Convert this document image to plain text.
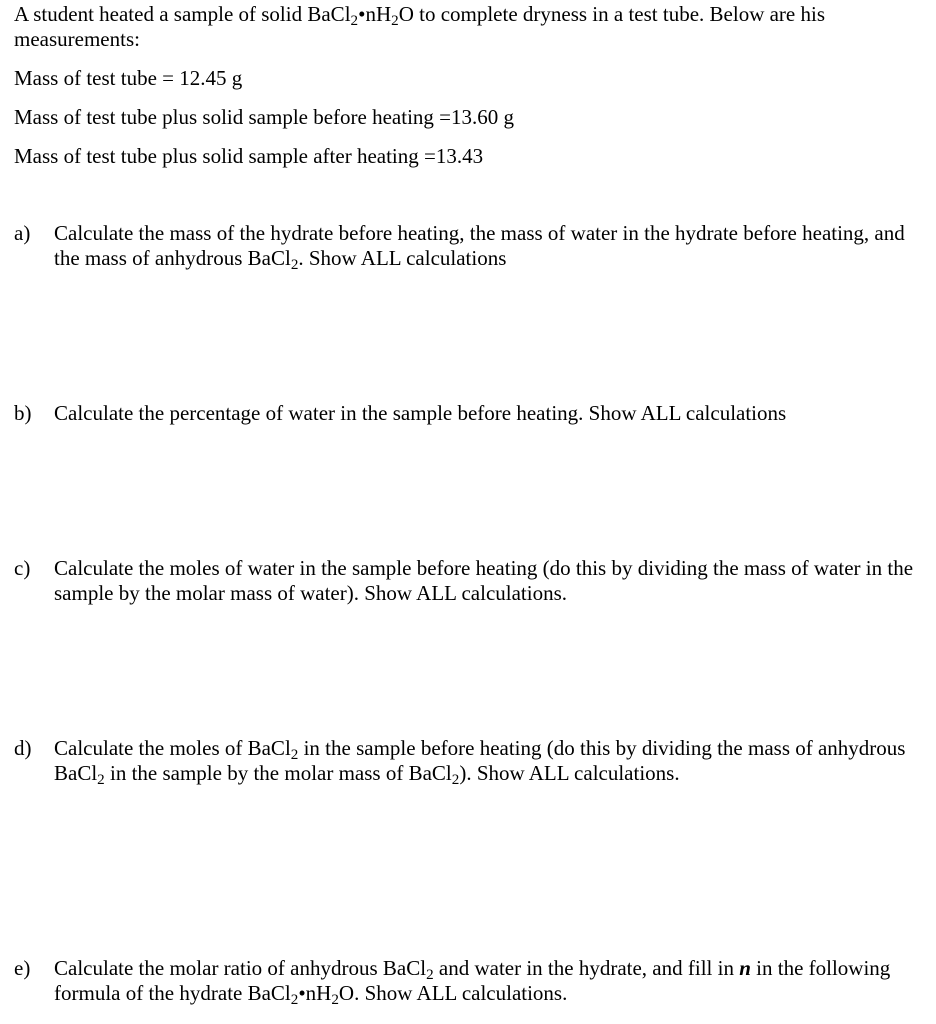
A student heated a sample of solid $BaCl_2•nH_2O$ to complete dryness in a test tube. Below are his measurements:

Mass of test tube = 12.45 g

Mass of test tube plus solid sample before heating =13.60 g

Mass of test tube plus solid sample after heating =13.43

a) Calculate the mass of the hydrate before heating, the mass of water in the hydrate before heating, and the mass of anhydrous BaCl$_2$. Show ALL calculations
b) Calculate the percentage of water in the sample before heating. Show ALL calculations
c) Calculate the moles of water in the sample before heating (do this by dividing the mass of water in the sample by the molar mass of water). Show ALL calculations.
d) Calculate the moles of BaCl$_2$ in the sample before heating (do this by dividing the mass of anhydrous BaCl$_2$ in the sample by the molar mass of BaCl$_2$). Show ALL calculations.
e) Calculate the molar ratio of anhydrous BaCl$_2$ and water in the hydrate, and fill in n in the following formula of the hydrate $BaCl_2•nH_2O$. Show ALL calculations.
